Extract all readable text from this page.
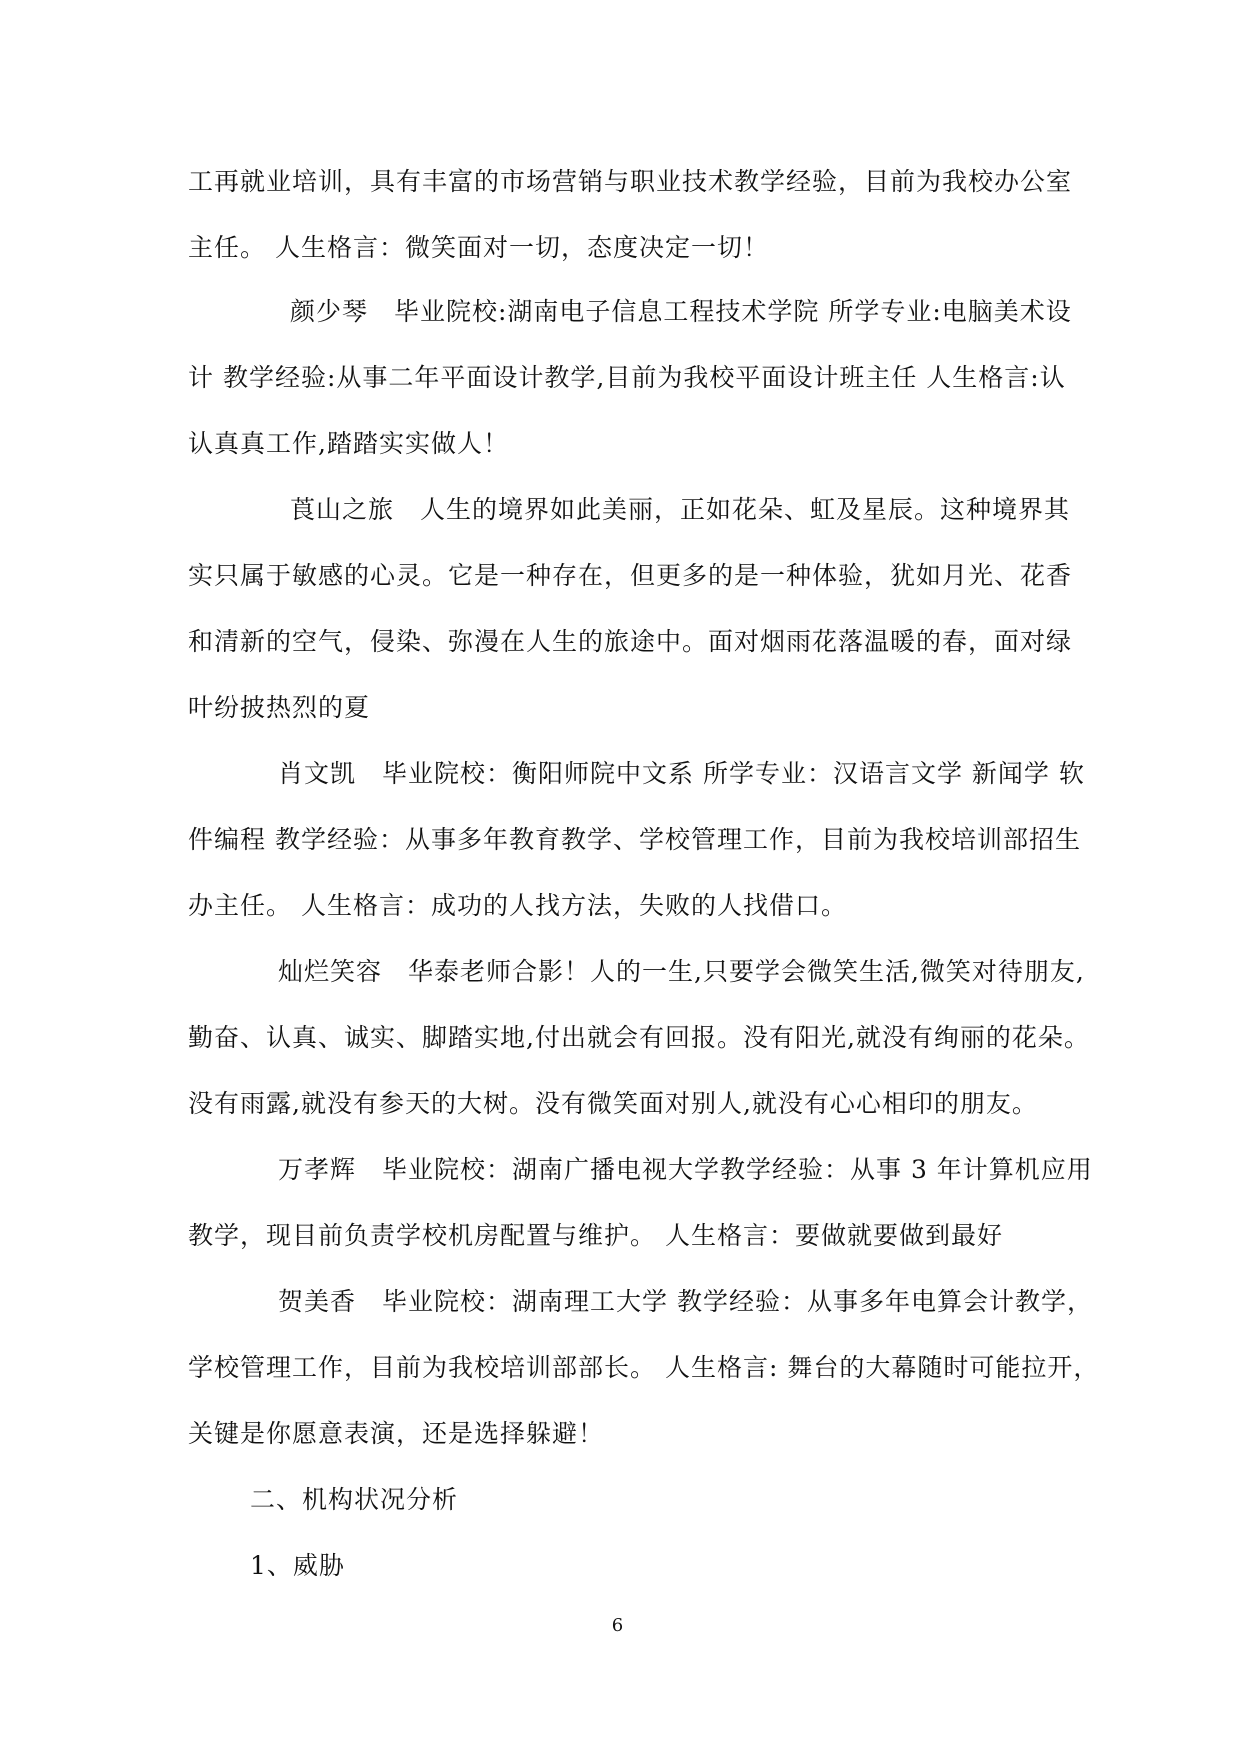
工再就业培训，具有丰富的市场营销与职业技术教学经验，目前为我校办公室

主任。 人生格言：微笑面对一切，态度决定一切！

颜少琴　毕业院校:湖南电子信息工程技术学院 所学专业:电脑美术设

计 教学经验:从事二年平面设计教学,目前为我校平面设计班主任 人生格言:认

认真真工作,踏踏实实做人！

莨山之旅　人生的境界如此美丽，正如花朵、虹及星辰。这种境界其

实只属于敏感的心灵。它是一种存在，但更多的是一种体验，犹如月光、花香

和清新的空气，侵染、弥漫在人生的旅途中。面对烟雨花落温暖的春，面对绿

叶纷披热烈的夏

肖文凯　毕业院校：衡阳师院中文系 所学专业：汉语言文学 新闻学 软

件编程 教学经验：从事多年教育教学、学校管理工作，目前为我校培训部招生

办主任。 人生格言：成功的人找方法，失败的人找借口。

灿烂笑容　华泰老师合影！人的一生,只要学会微笑生活,微笑对待朋友,

勤奋、认真、诚实、脚踏实地,付出就会有回报。没有阳光,就没有绚丽的花朵。

没有雨露,就没有参天的大树。没有微笑面对别人,就没有心心相印的朋友。

万孝辉　毕业院校：湖南广播电视大学教学经验：从事 3 年计算机应用

教学，现目前负责学校机房配置与维护。 人生格言：要做就要做到最好

贺美香　毕业院校：湖南理工大学 教学经验：从事多年电算会计教学，

学校管理工作，目前为我校培训部部长。 人生格言: 舞台的大幕随时可能拉开，

关键是你愿意表演，还是选择躲避！

二、机构状况分析

1、威胁

6
